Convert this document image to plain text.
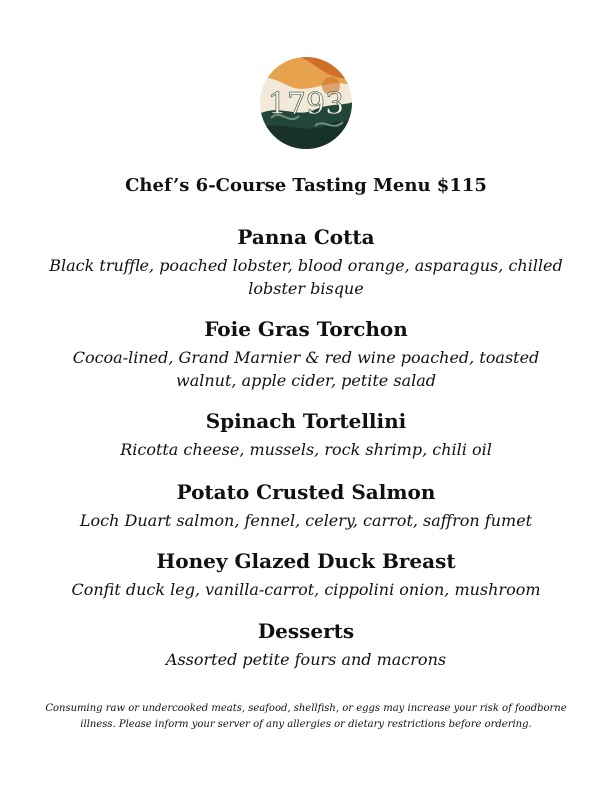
1793
Chef’s 6-Course Tasting Menu $115

Panna Cotta

Black truffle, poached lobster, blood orange, asparagus, chilled lobster bisque

Foie Gras Torchon

Cocoa-lined, Grand Marnier & red wine poached, toasted walnut, apple cider, petite salad

Spinach Tortellini

Ricotta cheese, mussels, rock shrimp, chili oil

Potato Crusted Salmon

Loch Duart salmon, fennel, celery, carrot, saffron fumet

Honey Glazed Duck Breast

Confit duck leg, vanilla-carrot, cippolini onion, mushroom

Desserts

Assorted petite fours and macrons

Consuming raw or undercooked meats, seafood, shellfish, or eggs may increase your risk of foodborne illness. Please inform your server of any allergies or dietary restrictions before ordering.
